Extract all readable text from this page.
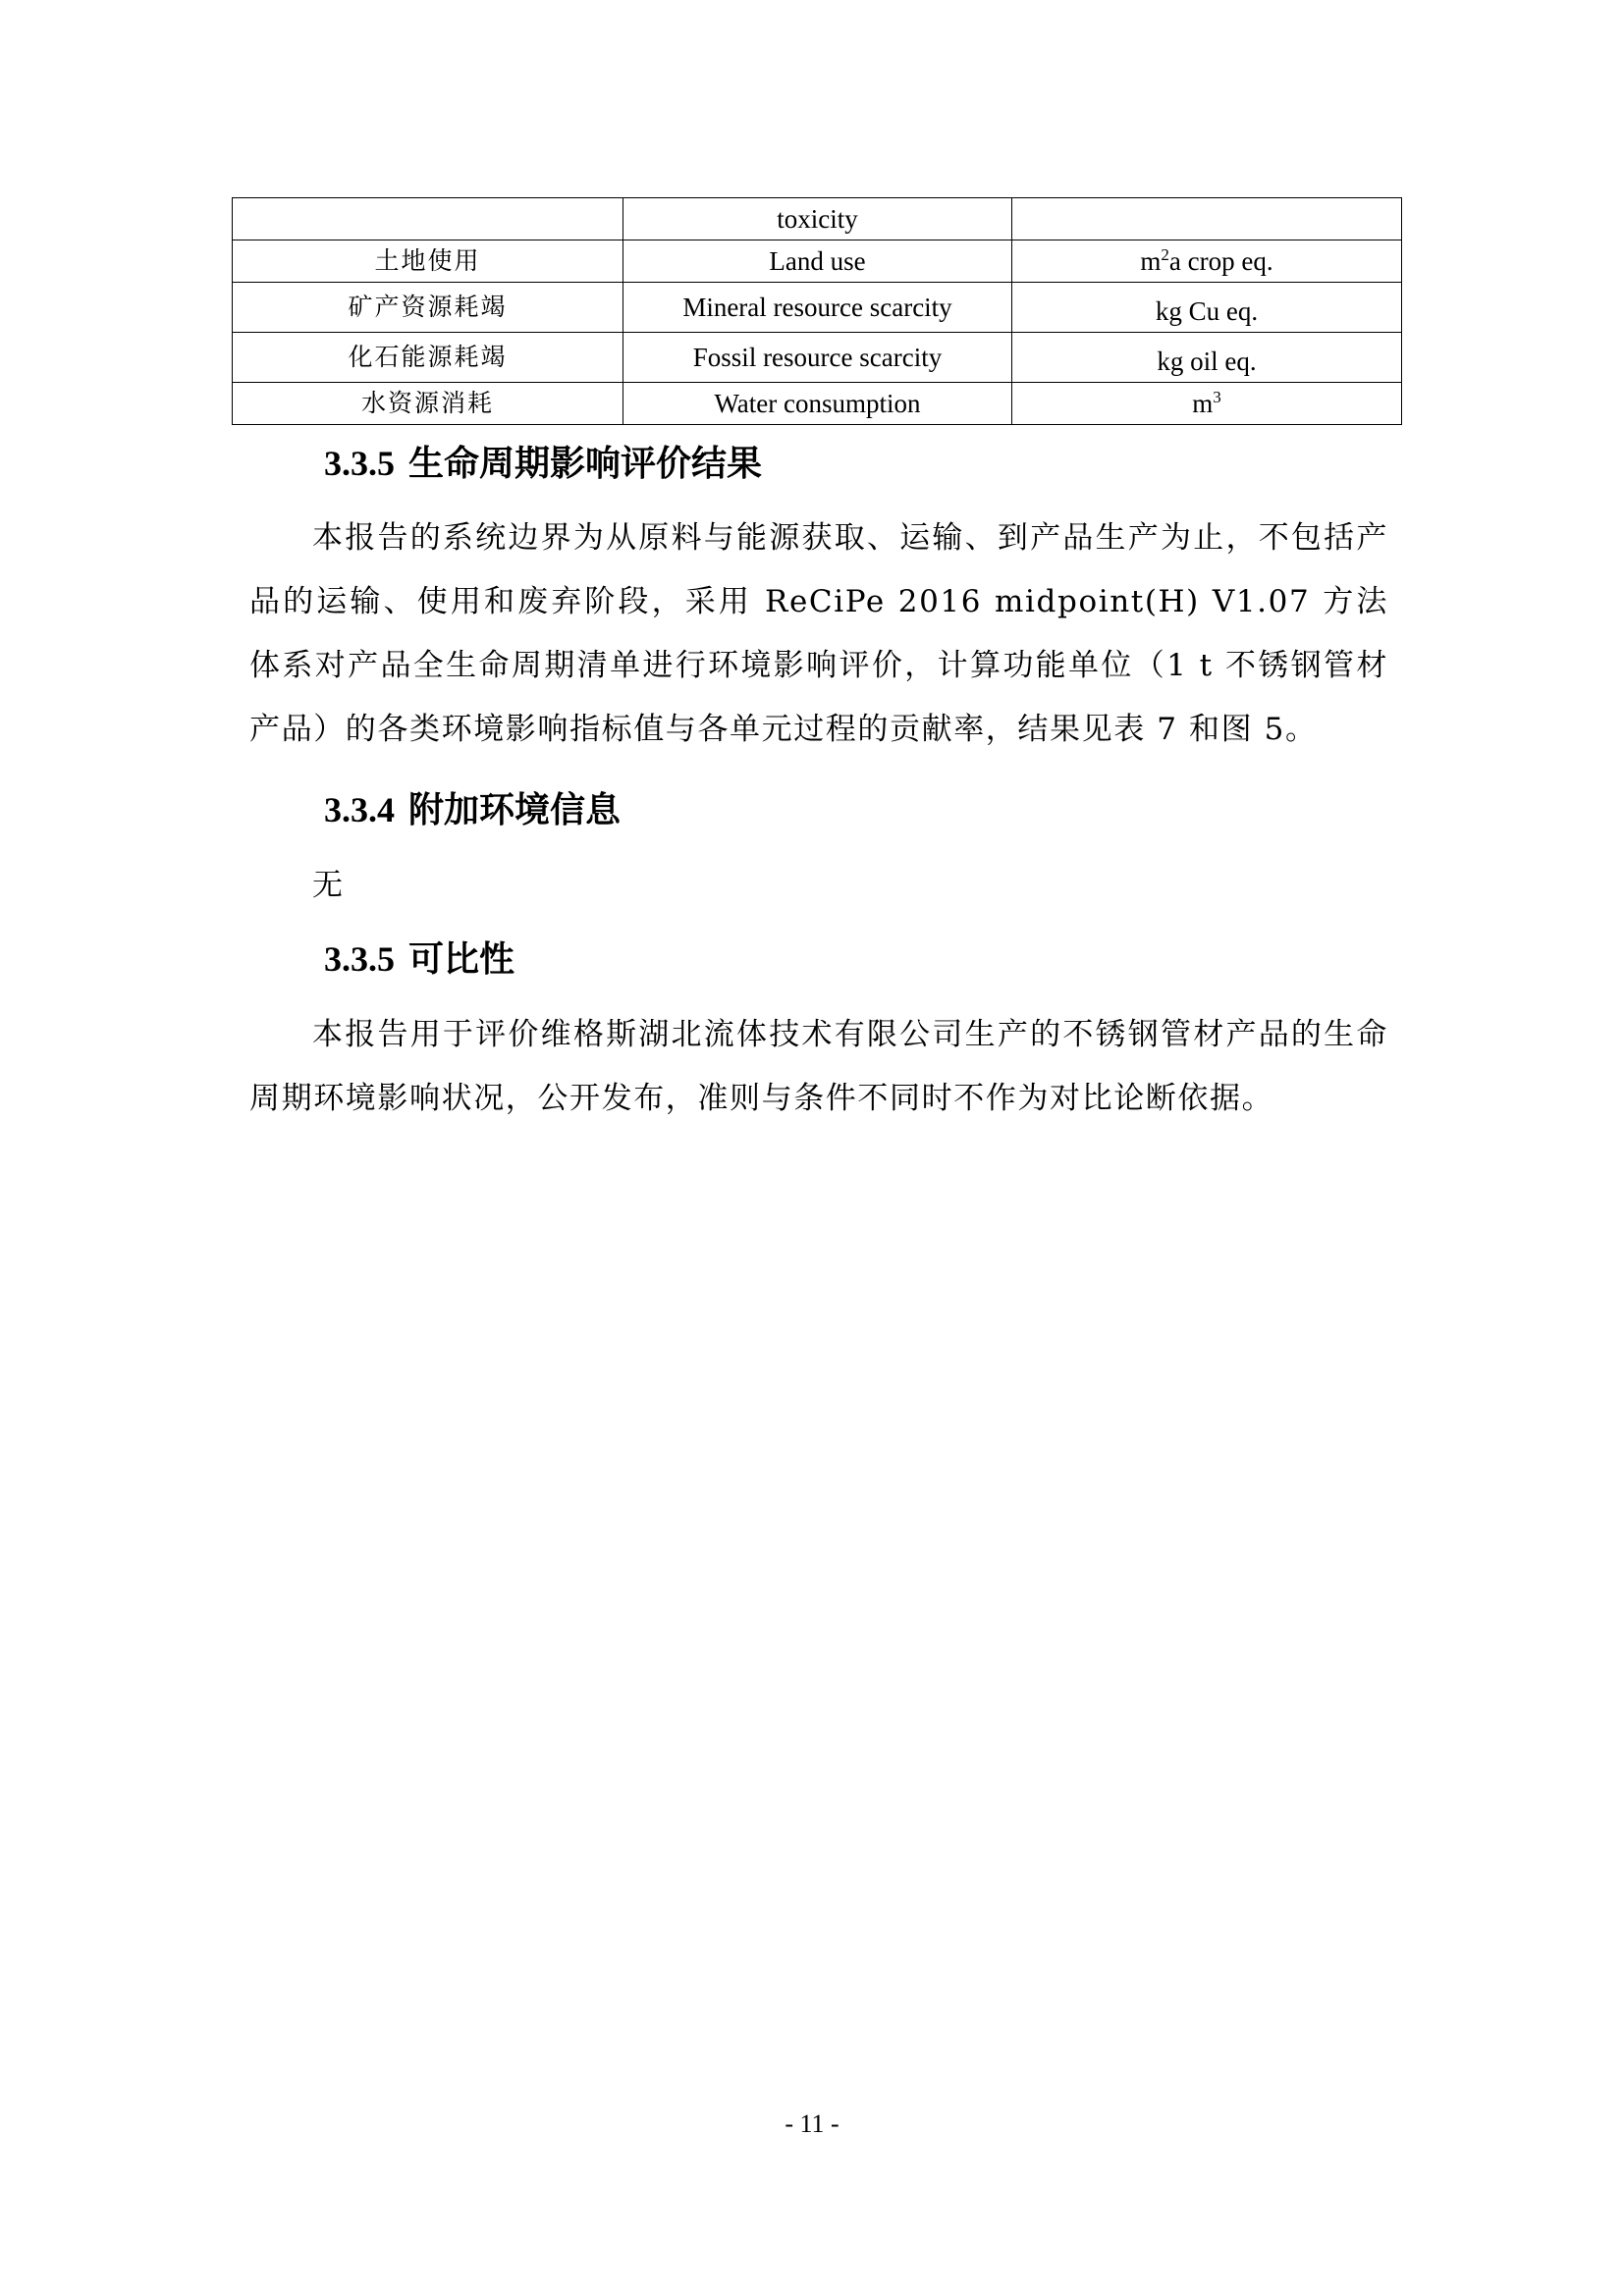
	toxicity	
土地使用	Land use	$m^2a$ crop eq.
矿产资源耗竭	Mineral resource scarcity	kg Cu eq.
化石能源耗竭	Fossil resource scarcity	kg oil eq.
水资源消耗	Water consumption	$m^3$
3.3.5 生命周期影响评价结果

本报告的系统边界为从原料与能源获取、运输、到产品生产为止，不包括产品的运输、使用和废弃阶段，采用 ReCiPe 2016 midpoint(H) V1.07 方法体系对产品全生命周期清单进行环境影响评价，计算功能单位（1 t 不锈钢管材产品）的各类环境影响指标值与各单元过程的贡献率，结果见表 7 和图 5。

3.3.4 附加环境信息

无

3.3.5 可比性

本报告用于评价维格斯湖北流体技术有限公司生产的不锈钢管材产品的生命周期环境影响状况，公开发布，准则与条件不同时不作为对比论断依据。

- 11 -
